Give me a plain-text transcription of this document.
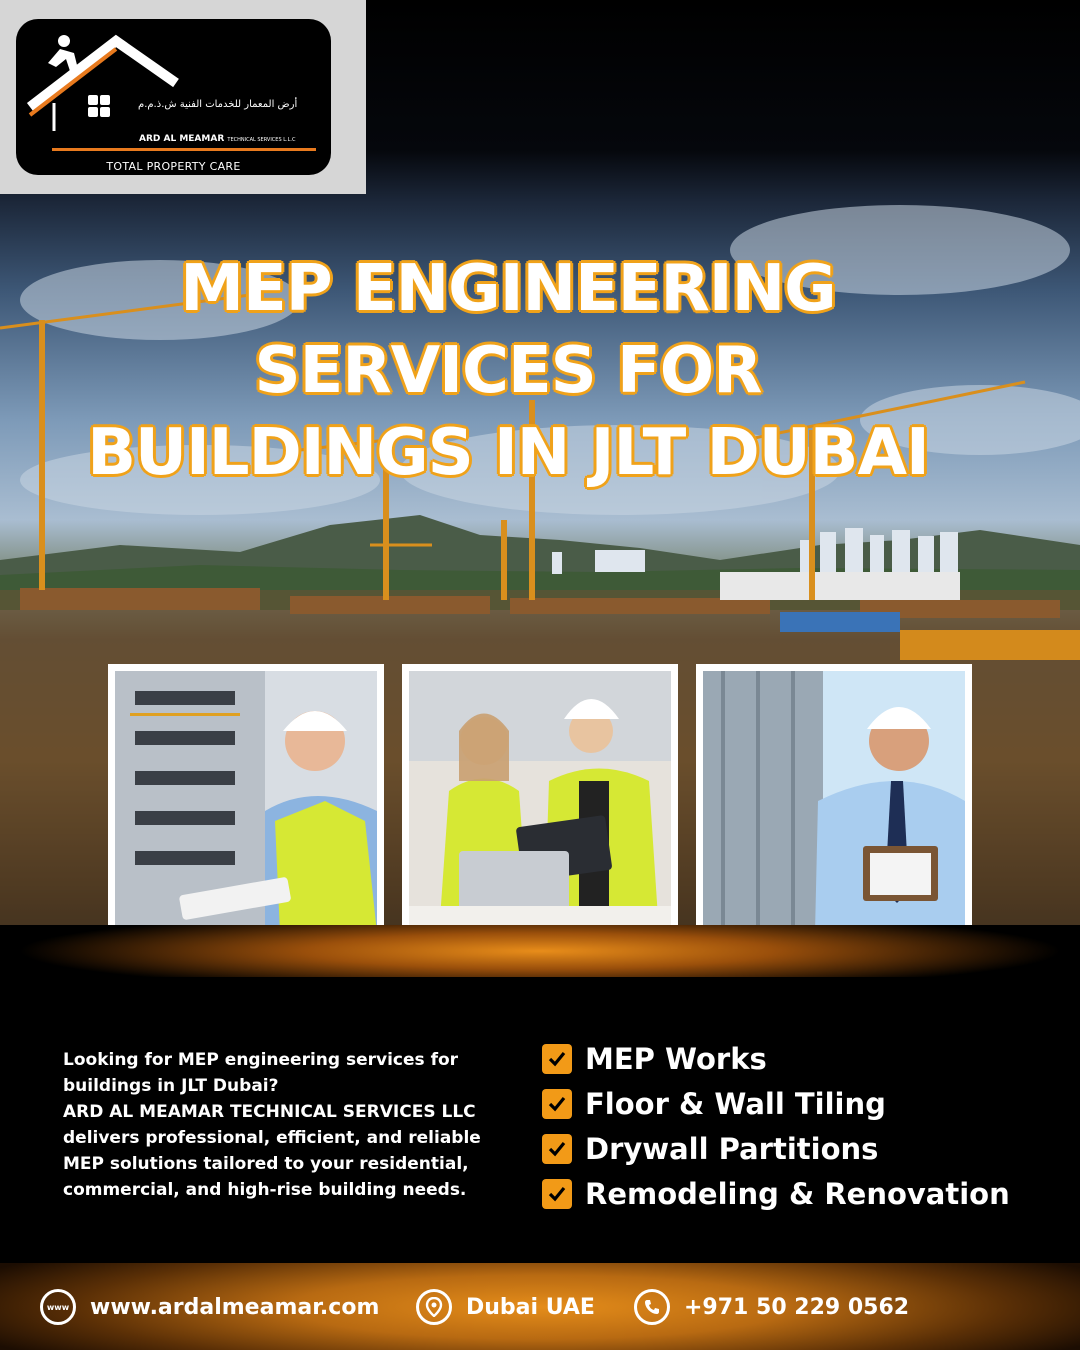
أرض المعمار للخدمات الفنية ش.ذ.م.م
ARD AL MEAMAR TECHNICAL SERVICES L.L.C
TOTAL PROPERTY CARE
MEP ENGINEERING
SERVICES FOR
BUILDINGS IN JLT DUBAI

Looking for MEP engineering services for buildings in JLT Dubai?

ARD AL MEAMAR TECHNICAL SERVICES LLC delivers professional, efficient, and reliable MEP solutions tailored to your residential, commercial, and high-rise building needs.

MEP Works
Floor & Wall Tiling
Drywall Partitions
Remodeling & Renovation
www www.ardalmeamar.com	Dubai UAE	+971 50 229 0562
